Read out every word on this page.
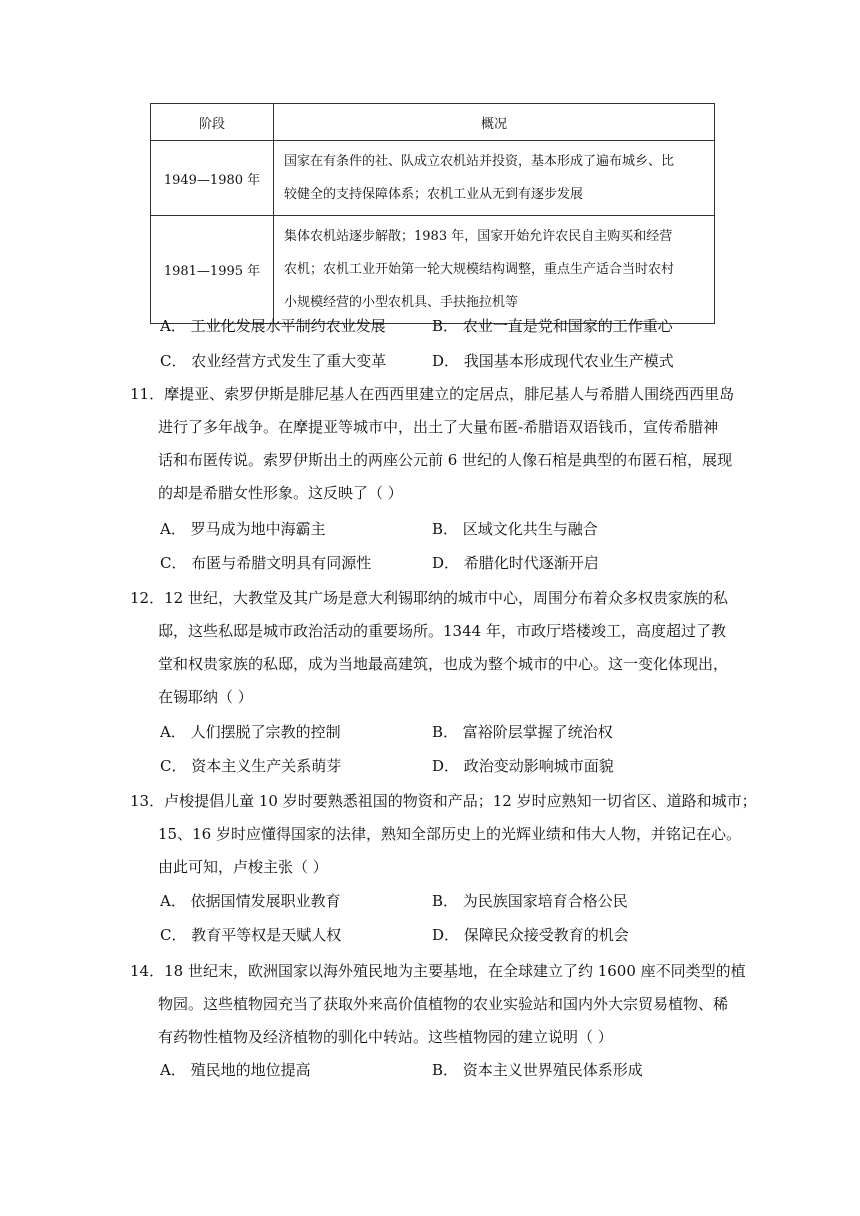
阶段	概况
1949—1980 年	国家在有条件的社、队成立农机站并投资，基本形成了遍布城乡、比
较健全的支持保障体系；农机工业从无到有逐步发展

1981—1995 年	集体农机站逐步解散；1983 年，国家开始允许农民自主购买和经营
农机；农机工业开始第一轮大规模结构调整，重点生产适合当时农村
小规模经营的小型农机具、手扶拖拉机等
A． 工业化发展水平制约农业发展	B． 农业一直是党和国家的工作重心
C． 农业经营方式发生了重大变革	D． 我国基本形成现代农业生产模式
11．摩提亚、索罗伊斯是腓尼基人在西西里建立的定居点，腓尼基人与希腊人围绕西西里岛
进行了多年战争。在摩提亚等城市中，出土了大量布匿-希腊语双语钱币，宣传希腊神
话和布匿传说。索罗伊斯出土的两座公元前 6 世纪的人像石棺是典型的布匿石棺，展现
的却是希腊女性形象。这反映了（ ）
A． 罗马成为地中海霸主	B． 区域文化共生与融合
C． 布匿与希腊文明具有同源性	D． 希腊化时代逐渐开启
12．12 世纪，大教堂及其广场是意大利锡耶纳的城市中心，周围分布着众多权贵家族的私
邸，这些私邸是城市政治活动的重要场所。1344 年，市政厅塔楼竣工，高度超过了教
堂和权贵家族的私邸，成为当地最高建筑，也成为整个城市的中心。这一变化体现出，
在锡耶纳（ ）
A． 人们摆脱了宗教的控制	B． 富裕阶层掌握了统治权
C． 资本主义生产关系萌芽	D． 政治变动影响城市面貌
13．卢梭提倡儿童 10 岁时要熟悉祖国的物资和产品；12 岁时应熟知一切省区、道路和城市；
15、16 岁时应懂得国家的法律，熟知全部历史上的光辉业绩和伟大人物，并铭记在心。
由此可知，卢梭主张（ ）
A． 依据国情发展职业教育	B． 为民族国家培育合格公民
C． 教育平等权是天赋人权	D． 保障民众接受教育的机会
14．18 世纪末，欧洲国家以海外殖民地为主要基地，在全球建立了约 1600 座不同类型的植
物园。这些植物园充当了获取外来高价值植物的农业实验站和国内外大宗贸易植物、稀
有药物性植物及经济植物的驯化中转站。这些植物园的建立说明（ ）
A． 殖民地的地位提高	B． 资本主义世界殖民体系形成
